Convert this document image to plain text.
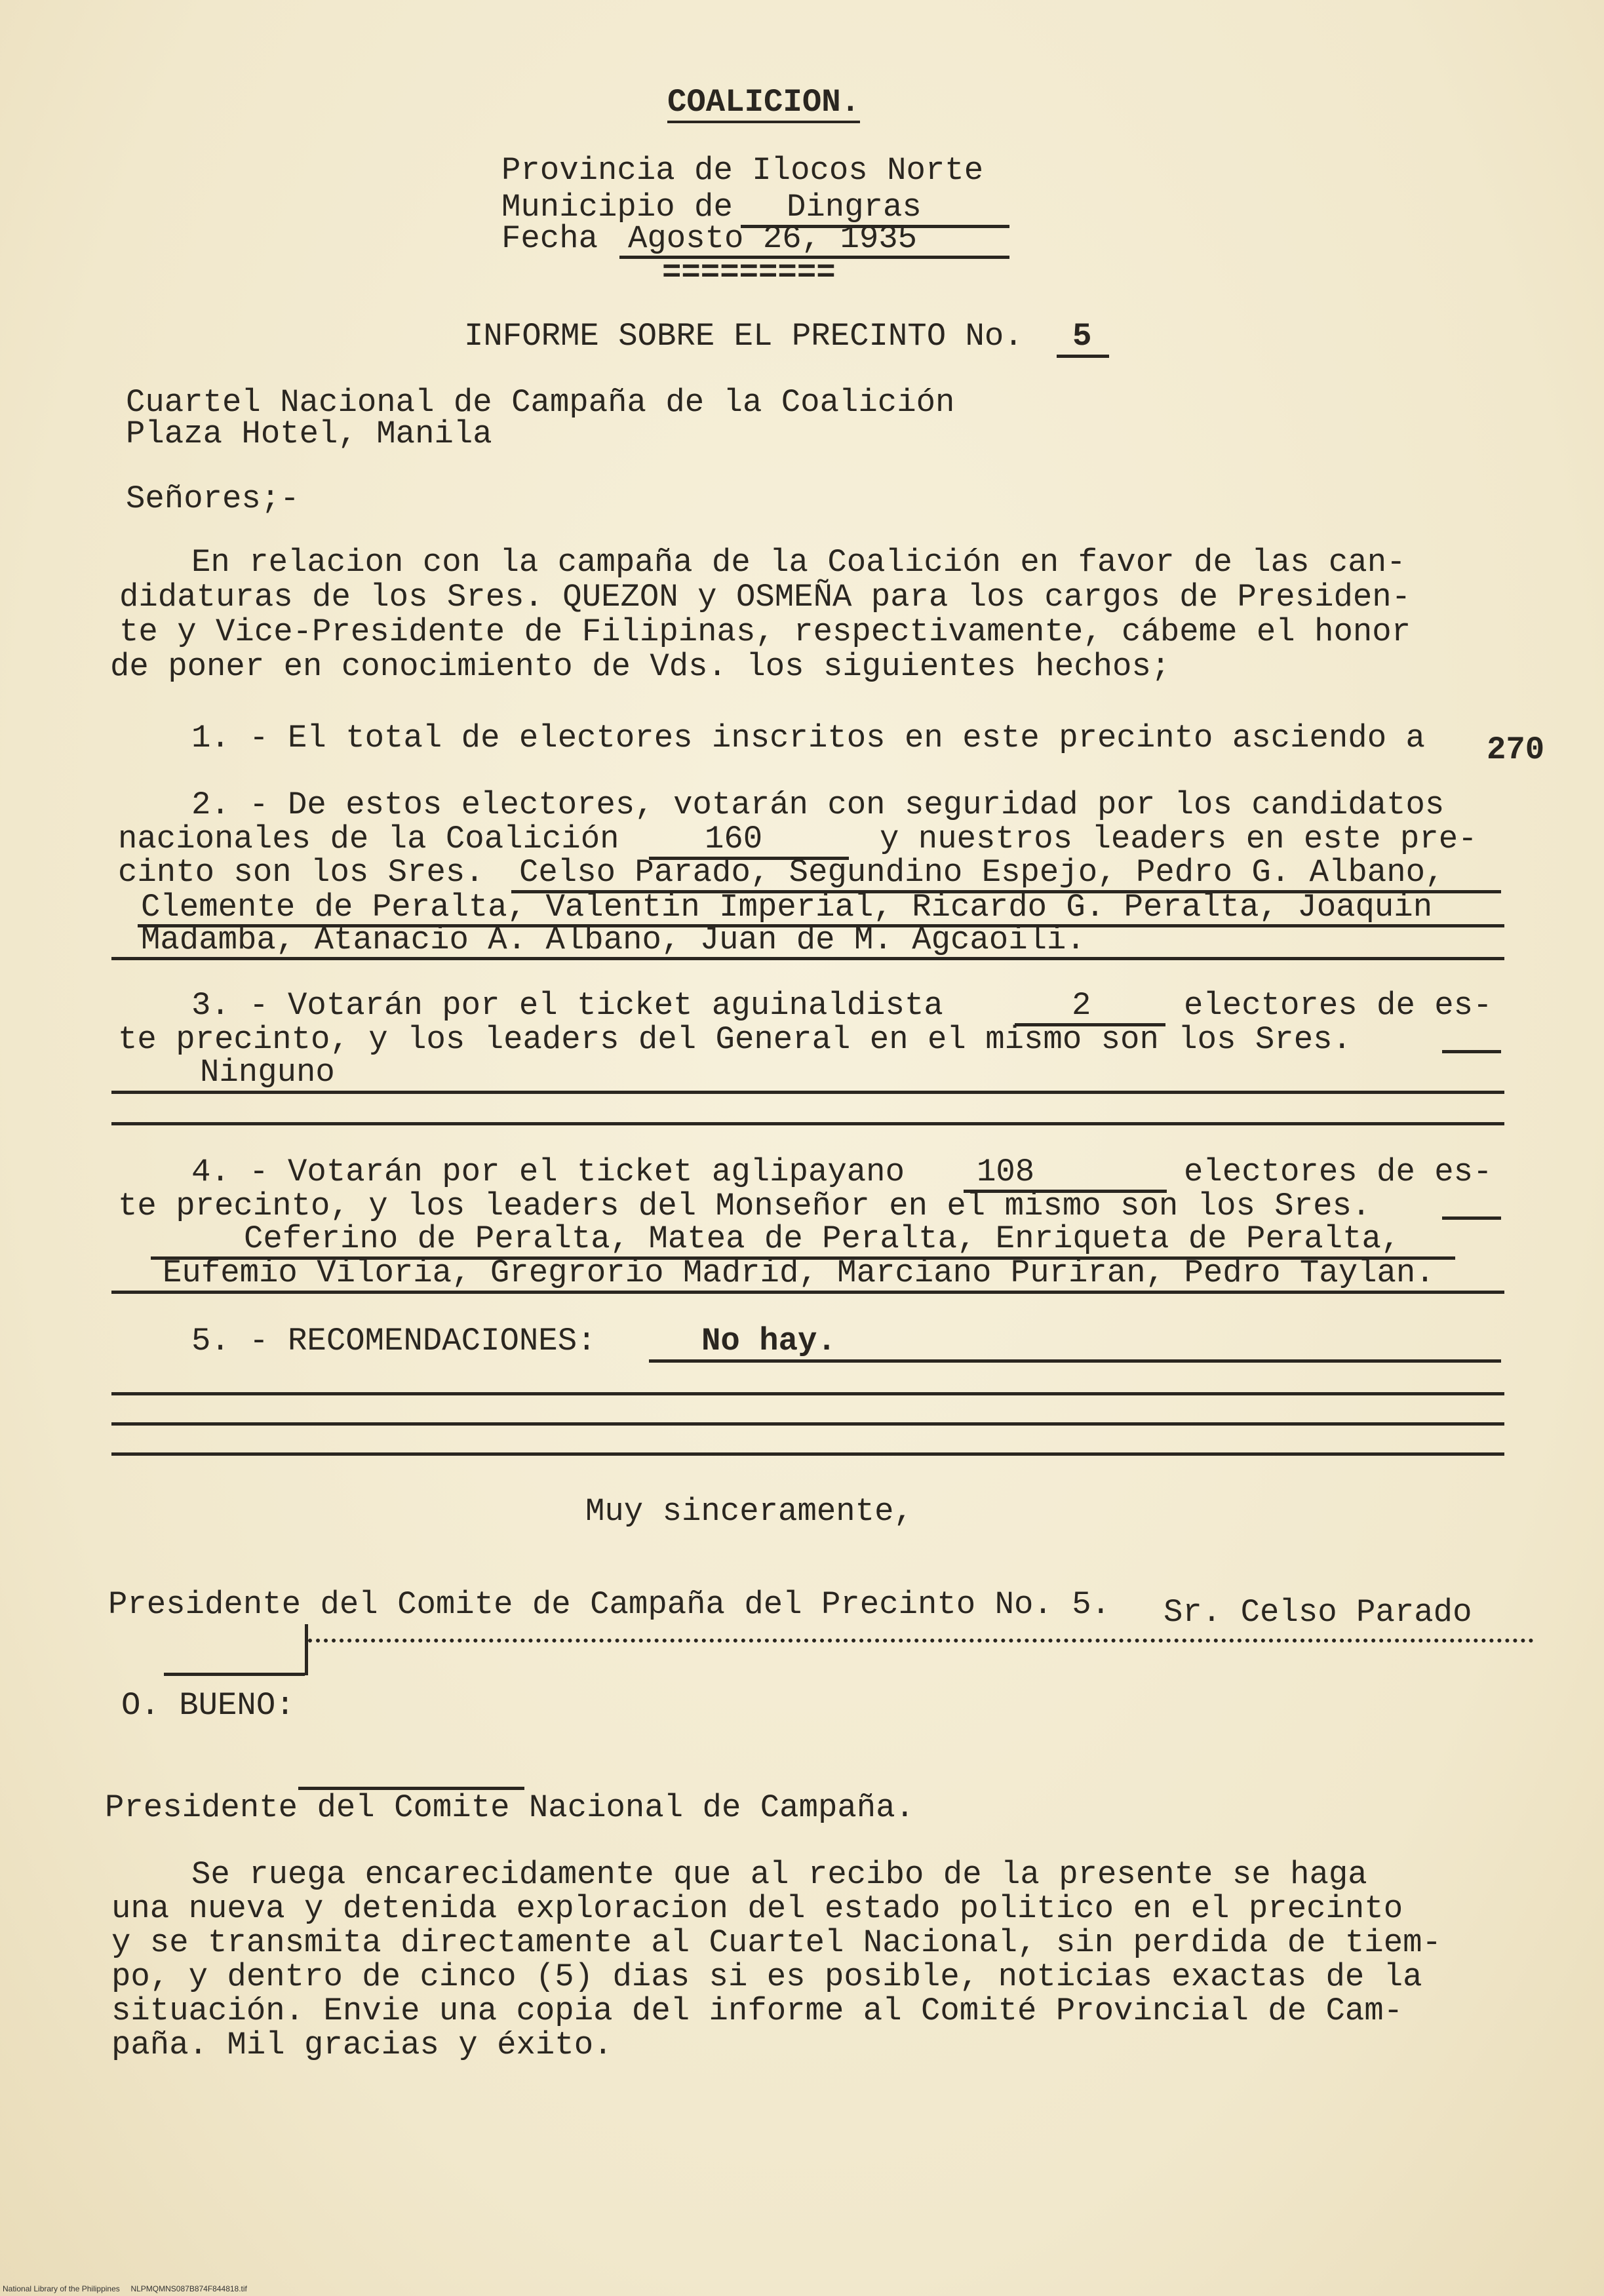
COALICION.
Provincia de Ilocos Norte
Municipio de Dingras
Fecha Agosto 26, 1935
=========
INFORME SOBRE EL PRECINTO No. 5
Cuartel Nacional de Campaña de la Coalición
Plaza Hotel, Manila
Señores;-
En relacion con la campaña de la Coalición en favor de las can-
didaturas de los Sres. QUEZON y OSMEÑA para los cargos de Presiden-
te y Vice-Presidente de Filipinas, respectivamente, cábeme el honor
de poner en conocimiento de Vds. los siguientes hechos;
1. - El total de electores inscritos en este precinto asciendo a 270
2. - De estos electores, votarán con seguridad por los candidatos
nacionales de la Coalición	160	y nuestros leaders en este pre-
cinto son los Sres. Celso Parado, Segundino Espejo, Pedro G. Albano,
Clemente de Peralta, Valentin Imperial, Ricardo G. Peralta, Joaquin
Madamba, Atanacio A. Albano, Juan de M. Agcaoili.
3. - Votarán por el ticket aguinaldista	2	electores de es-
te precinto, y los leaders del General en el mismo son los Sres.
Ninguno
4. - Votarán por el ticket aglipayano 108	electores de es-
te precinto, y los leaders del Monseñor en el mismo son los Sres.
Ceferino de Peralta, Matea de Peralta, Enriqueta de Peralta,
Eufemio Viloria, Gregrorio Madrid, Marciano Puriran, Pedro Taylan.
5. - RECOMENDACIONES:	No hay.
Muy sinceramente,
Presidente del Comite de Campaña del Precinto No. 5. Sr. Celso Parado
O. BUENO:
Presidente del Comite Nacional de Campaña.
Se ruega encarecidamente que al recibo de la presente se haga
una nueva y detenida exploracion del estado politico en el precinto
y se transmita directamente al Cuartel Nacional, sin perdida de tiem-
po, y dentro de cinco (5) dias si es posible, noticias exactas de la
situación. Envie una copia del informe al Comité Provincial de Cam-
paña. Mil gracias y éxito.
National Library of the Philippines NLPMQMNS087B874F844818.tif
